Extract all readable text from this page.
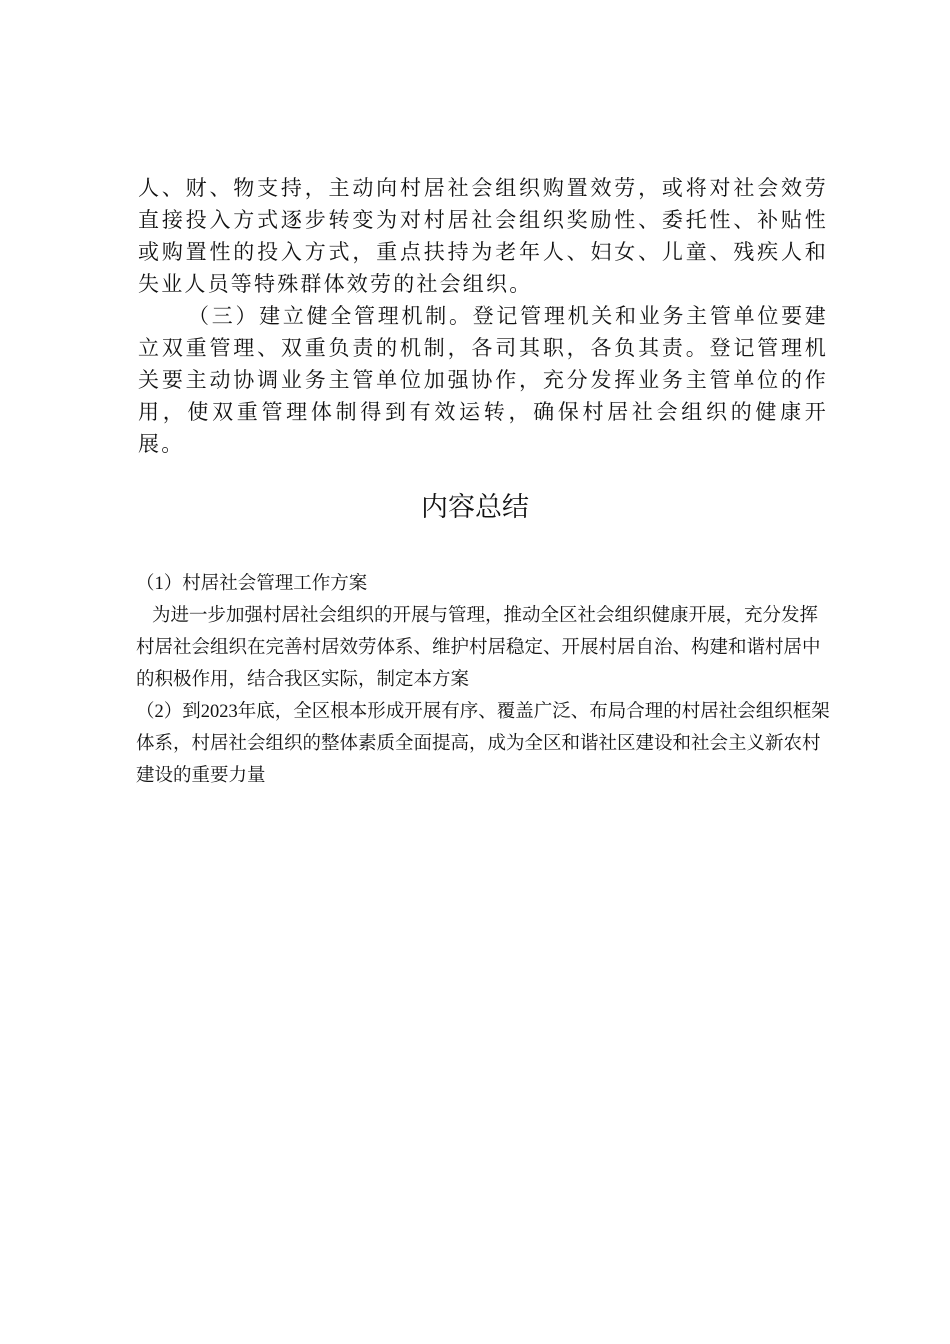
人、财、物支持，主动向村居社会组织购置效劳，或将对社会效劳直接投入方式逐步转变为对村居社会组织奖励性、委托性、补贴性或购置性的投入方式，重点扶持为老年人、妇女、儿童、残疾人和失业人员等特殊群体效劳的社会组织。

（三）建立健全管理机制。登记管理机关和业务主管单位要建立双重管理、双重负责的机制，各司其职，各负其责。登记管理机关要主动协调业务主管单位加强协作，充分发挥业务主管单位的作用，使双重管理体制得到有效运转，确保村居社会组织的健康开展。

内容总结

（1）村居社会管理工作方案

为进一步加强村居社会组织的开展与管理，推动全区社会组织健康开展，充分发挥村居社会组织在完善村居效劳体系、维护村居稳定、开展村居自治、构建和谐村居中的积极作用，结合我区实际，制定本方案

（2）到2023年底，全区根本形成开展有序、覆盖广泛、布局合理的村居社会组织框架体系，村居社会组织的整体素质全面提高，成为全区和谐社区建设和社会主义新农村建设的重要力量
